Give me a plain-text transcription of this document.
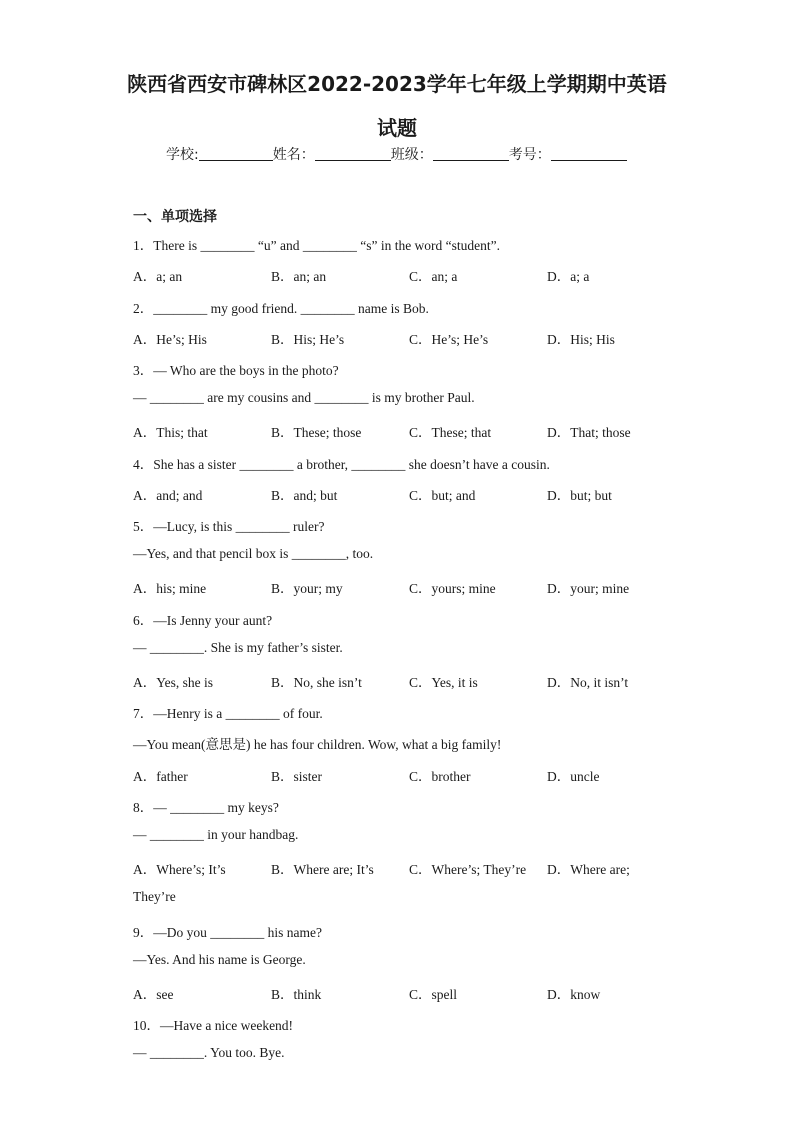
陕西省西安市碑林区2022-2023学年七年级上学期期中英语
试题
学校:	姓名：	班级：	考号：
一、单项选择
1．There is ________ “u” and ________ “s” in the word “student”.
A．a; an	B．an; an	C．an; a	D．a; a
2．________ my good friend. ________ name is Bob.
A．He’s; His	B．His; He’s	C．He’s; He’s	D．His; His
3．— Who are the boys in the photo?
— ________ are my cousins and ________ is my brother Paul.
A．This; that	B．These; those	C．These; that	D．That; those
4．She has a sister ________ a brother, ________ she doesn’t have a cousin.
A．and; and	B．and; but	C．but; and	D．but; but
5．—Lucy, is this ________ ruler?
—Yes, and that pencil box is ________, too.
A．his; mine	B．your; my	C．yours; mine	D．your; mine
6．—Is Jenny your aunt?
— ________. She is my father’s sister.
A．Yes, she is	B．No, she isn’t	C．Yes, it is	D．No, it isn’t
7．—Henry is a ________ of four.
—You mean(意思是) he has four children. Wow, what a big family!
A．father	B．sister	C．brother	D．uncle
8．— ________ my keys?
— ________ in your handbag.
A．Where’s; It’s	B．Where are; It’s	C．Where’s; They’re D．Where are;
They’re
9．—Do you ________ his name?
—Yes. And his name is George.
A．see	B．think	C．spell	D．know
10．—Have a nice weekend!
— ________. You too. Bye.
